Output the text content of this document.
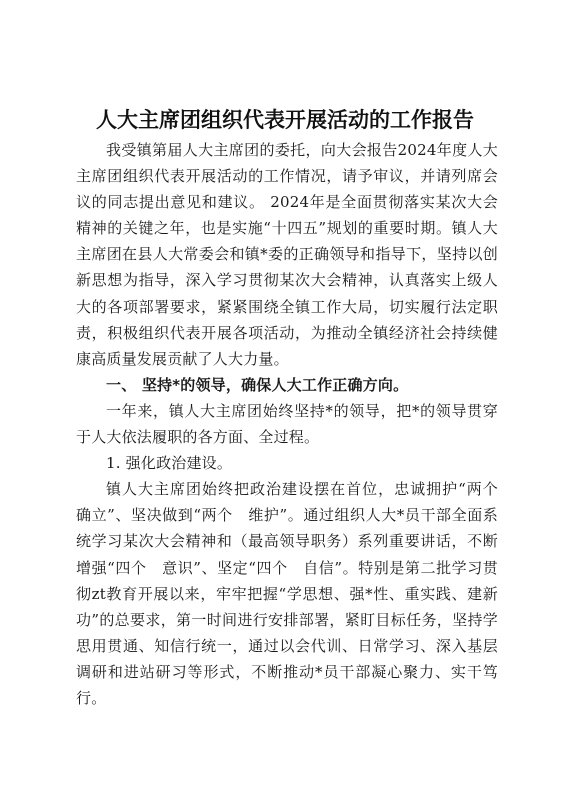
人大主席团组织代表开展活动的工作报告

我受镇第届人大主席团的委托，向大会报告2024年度人大主席团组织代表开展活动的工作情况，请予审议，并请列席会议的同志提出意见和建议。 2024年是全面贯彻落实某次大会精神的关键之年，也是实施“十四五”规划的重要时期。镇人大主席团在县人大常委会和镇*委的正确领导和指导下，坚持以创新思想为指导，深入学习贯彻某次大会精神，认真落实上级人大的各项部署要求，紧紧围绕全镇工作大局，切实履行法定职责，积极组织代表开展各项活动，为推动全镇经济社会持续健康高质量发展贡献了人大力量。

一、 坚持*的领导，确保人大工作正确方向。

一年来，镇人大主席团始终坚持*的领导，把*的领导贯穿于人大依法履职的各方面、全过程。

1. 强化政治建设。

镇人大主席团始终把政治建设摆在首位，忠诚拥护“两个 确立”、坚决做到“两个　维护”。通过组织人大*员干部全面系统学习某次大会精神和（最高领导职务）系列重要讲话，不断增强“四个　意识”、坚定“四个　自信”。特别是第二批学习贯彻zt教育开展以来，牢牢把握“学思想、强*性、重实践、建新功”的总要求，第一时间进行安排部署，紧盯目标任务，坚持学思用贯通、知信行统一，通过以会代训、日常学习、深入基层调研和进站研习等形式，不断推动*员干部凝心聚力、实干笃行。
